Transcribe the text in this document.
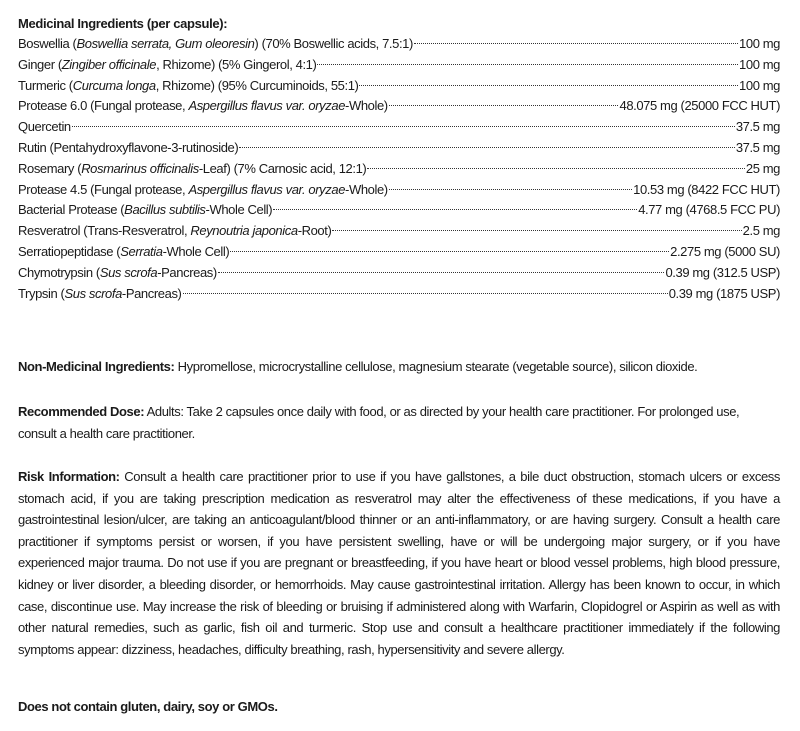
Medicinal Ingredients (per capsule):
Boswellia (Boswellia serrata, Gum oleoresin) (70% Boswellic acids, 7.5:1)	100 mg
Ginger (Zingiber officinale, Rhizome) (5% Gingerol, 4:1)	100 mg
Turmeric (Curcuma longa, Rhizome) (95% Curcuminoids, 55:1)	100 mg
Protease 6.0 (Fungal protease, Aspergillus flavus var. oryzae-Whole)	48.075 mg (25000 FCC HUT)
Quercetin	37.5 mg
Rutin (Pentahydroxyflavone-3-rutinoside)	37.5 mg
Rosemary (Rosmarinus officinalis-Leaf) (7% Carnosic acid, 12:1)	25 mg
Protease 4.5 (Fungal protease, Aspergillus flavus var. oryzae-Whole)	10.53 mg (8422 FCC HUT)
Bacterial Protease (Bacillus subtilis-Whole Cell)	4.77 mg (4768.5 FCC PU)
Resveratrol (Trans-Resveratrol, Reynoutria japonica-Root)	2.5 mg
Serratiopeptidase (Serratia-Whole Cell)	2.275 mg (5000 SU)
Chymotrypsin (Sus scrofa-Pancreas)	0.39 mg (312.5 USP)
Trypsin (Sus scrofa-Pancreas)	0.39 mg (1875 USP)

Non-Medicinal Ingredients: Hypromellose, microcrystalline cellulose, magnesium stearate (vegetable source), silicon dioxide.

Recommended Dose: Adults: Take 2 capsules once daily with food, or as directed by your health care practitioner. For prolonged use, consult a health care practitioner.

Risk Information: Consult a health care practitioner prior to use if you have gallstones, a bile duct obstruction, stomach ulcers or excess stomach acid, if you are taking prescription medication as resveratrol may alter the effectiveness of these medications, if you have a gastrointestinal lesion/ulcer, are taking an anticoagulant/blood thinner or an anti-inflammatory, or are having surgery. Consult a health care practitioner if symptoms persist or worsen, if you have persistent swelling, have or will be undergoing major surgery, or if you have experienced major trauma. Do not use if you are pregnant or breastfeeding, if you have heart or blood vessel problems, high blood pressure, kidney or liver disorder, a bleeding disorder, or hemorrhoids. May cause gastrointestinal irritation. Allergy has been known to occur, in which case, discontinue use. May increase the risk of bleeding or bruising if administered along with Warfarin, Clopidogrel or Aspirin as well as with other natural remedies, such as garlic, fish oil and turmeric. Stop use and consult a healthcare practitioner immediately if the following symptoms appear: dizziness, headaches, difficulty breathing, rash, hypersensitivity and severe allergy.

Does not contain gluten, dairy, soy or GMOs.
